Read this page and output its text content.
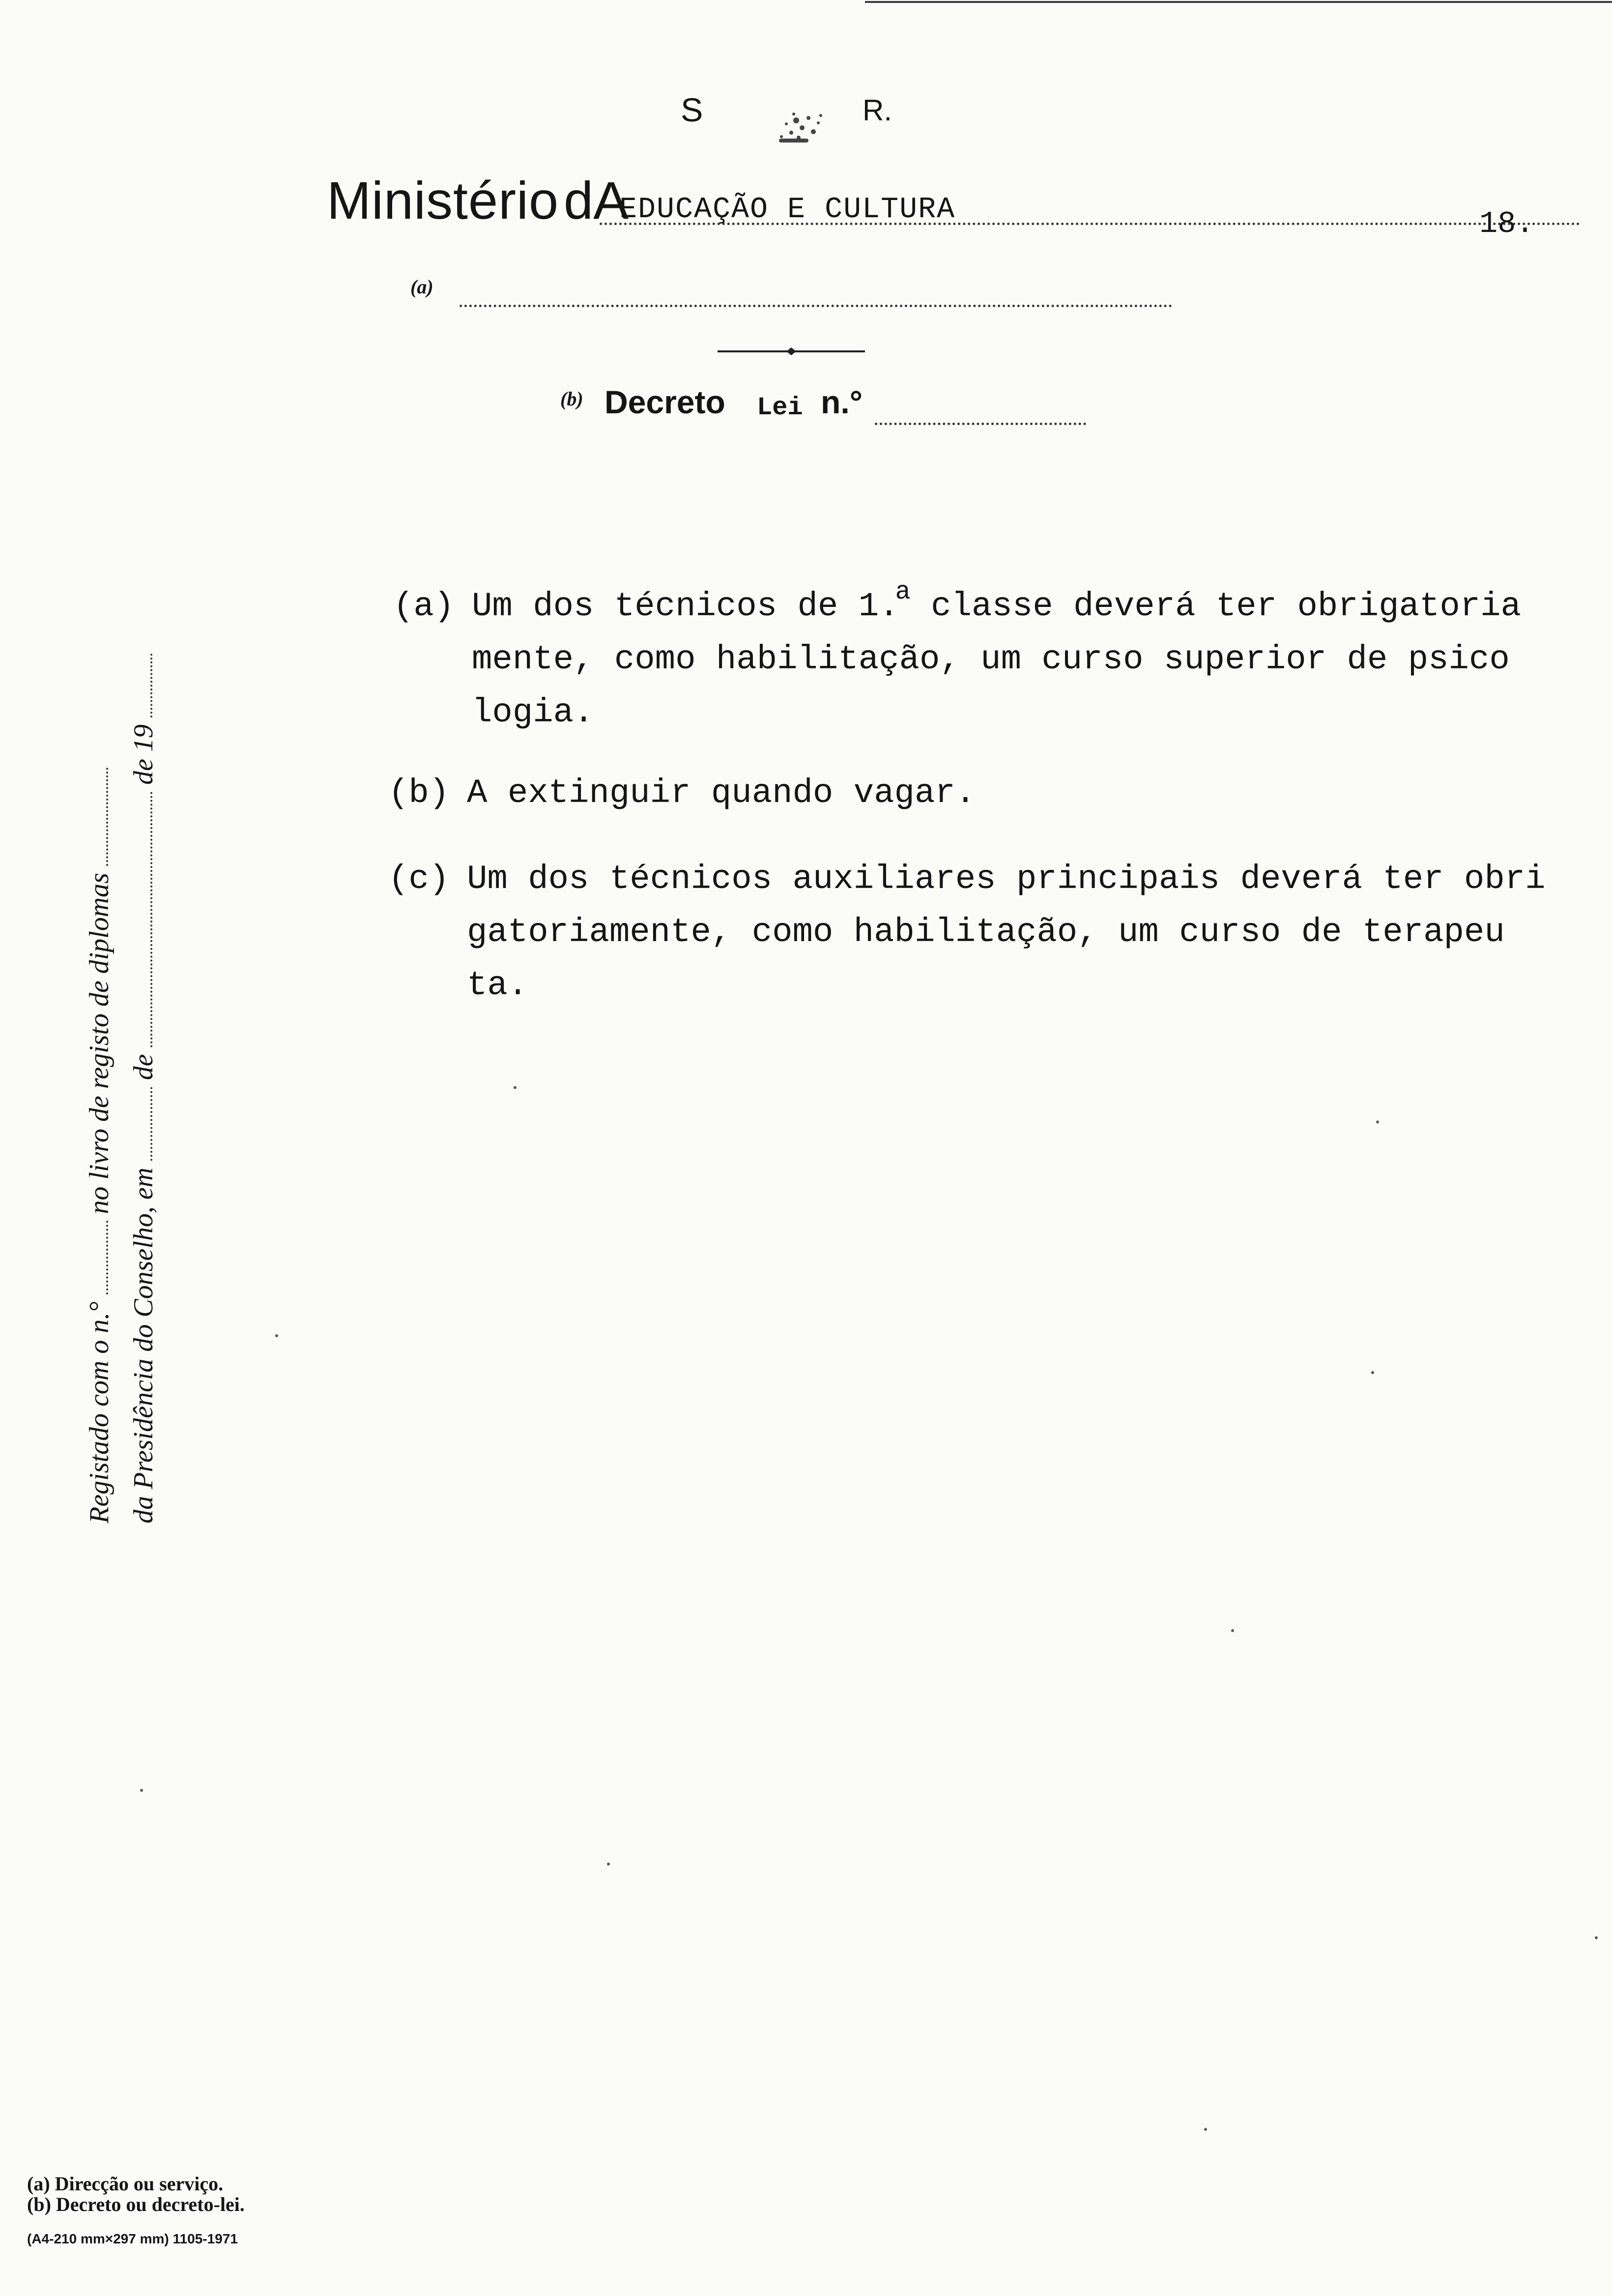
S	R.
Ministério dA
EDUCAÇÃO E CULTURA	18.
(a)
(b) Decreto Lei n.°
(a) Um dos técnicos de 1.$^a$ classe deverá ter obrigatoria
mente, como habilitação, um curso superior de psico
logia.
(b) A extinguir quando vagar.
(c) Um dos técnicos auxiliares principais deverá ter obri
gatoriamente, como habilitação, um curso de terapeu
ta.
Registado com o n.°  no livro de registo de diplomas
da Presidência do Conselho, em  de  de 19
(a) Direcção ou serviço.
(b) Decreto ou decreto-lei.
(A4-210 mm×297 mm) 1105-1971
